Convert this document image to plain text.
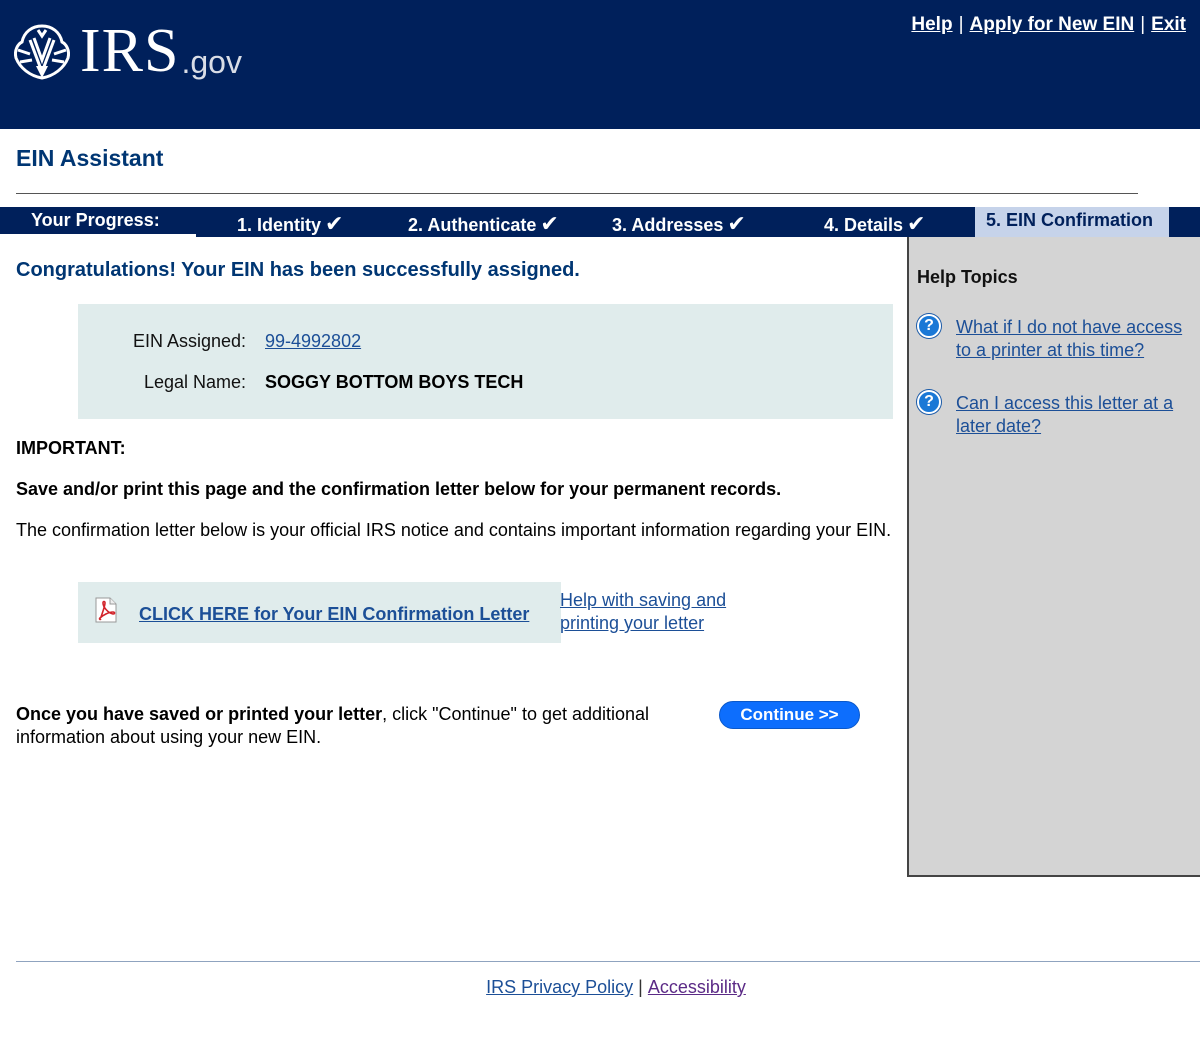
IRS .gov
Help | Apply for New EIN | Exit
EIN Assistant
Your Progress:	1. Identity ✔	2. Authenticate ✔	3. Addresses ✔	4. Details ✔	5. EIN Confirmation
Congratulations! Your EIN has been successfully assigned.
EIN Assigned: 99-4992802
Legal Name: SOGGY BOTTOM BOYS TECH
IMPORTANT:
Save and/or print this page and the confirmation letter below for your permanent records.
The confirmation letter below is your official IRS notice and contains important information regarding your EIN.
CLICK HERE for Your EIN Confirmation Letter
Help with saving and printing your letter
Once you have saved or printed your letter, click "Continue" to get additional information about using your new EIN.
Continue >>
Help Topics
?	What if I do not have access to a printer at this time?
?	Can I access this letter at a later date?
IRS Privacy Policy | Accessibility
